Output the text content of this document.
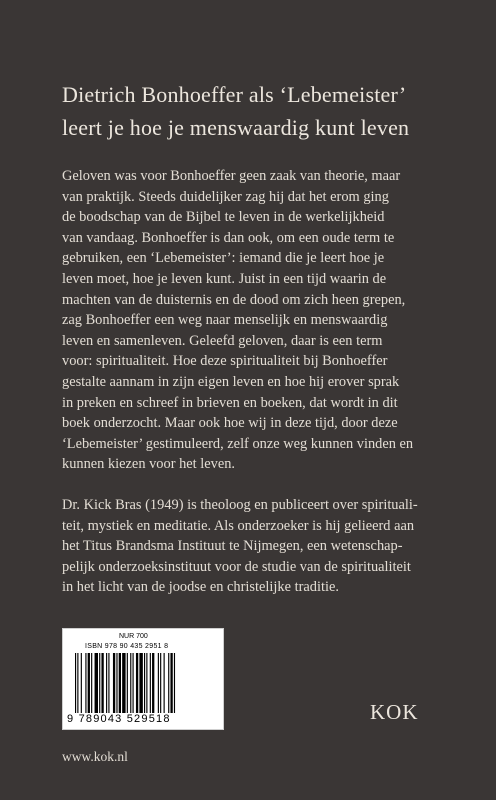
Dietrich Bonhoeffer als ‘Lebemeister’
leert je hoe je menswaardig kunt leven
Geloven was voor Bonhoeffer geen zaak van theorie, maar
van praktijk. Steeds duidelijker zag hij dat het erom ging
de boodschap van de Bijbel te leven in de werkelijkheid
van vandaag. Bonhoeffer is dan ook, om een oude term te
gebruiken, een ‘Lebemeister’: iemand die je leert hoe je
leven moet, hoe je leven kunt. Juist in een tijd waarin de
machten van de duisternis en de dood om zich heen grepen,
zag Bonhoeffer een weg naar menselijk en menswaardig
leven en samenleven. Geleefd geloven, daar is een term
voor: spiritualiteit. Hoe deze spiritualiteit bij Bonhoeffer
gestalte aannam in zijn eigen leven en hoe hij erover sprak
in preken en schreef in brieven en boeken, dat wordt in dit
boek onderzocht. Maar ook hoe wij in deze tijd, door deze
‘Lebemeister’ gestimuleerd, zelf onze weg kunnen vinden en
kunnen kiezen voor het leven.
Dr. Kick Bras (1949) is theoloog en publiceert over spirituali-
teit, mystiek en meditatie. Als onderzoeker is hij gelieerd aan
het Titus Brandsma Instituut te Nijmegen, een wetenschap-
pelijk onderzoeksinstituut voor de studie van de spiritualiteit
in het licht van de joodse en christelijke traditie.
NUR 700
ISBN 978 90 435 2951 8
9 789043 529518	KOK
www.kok.nl
